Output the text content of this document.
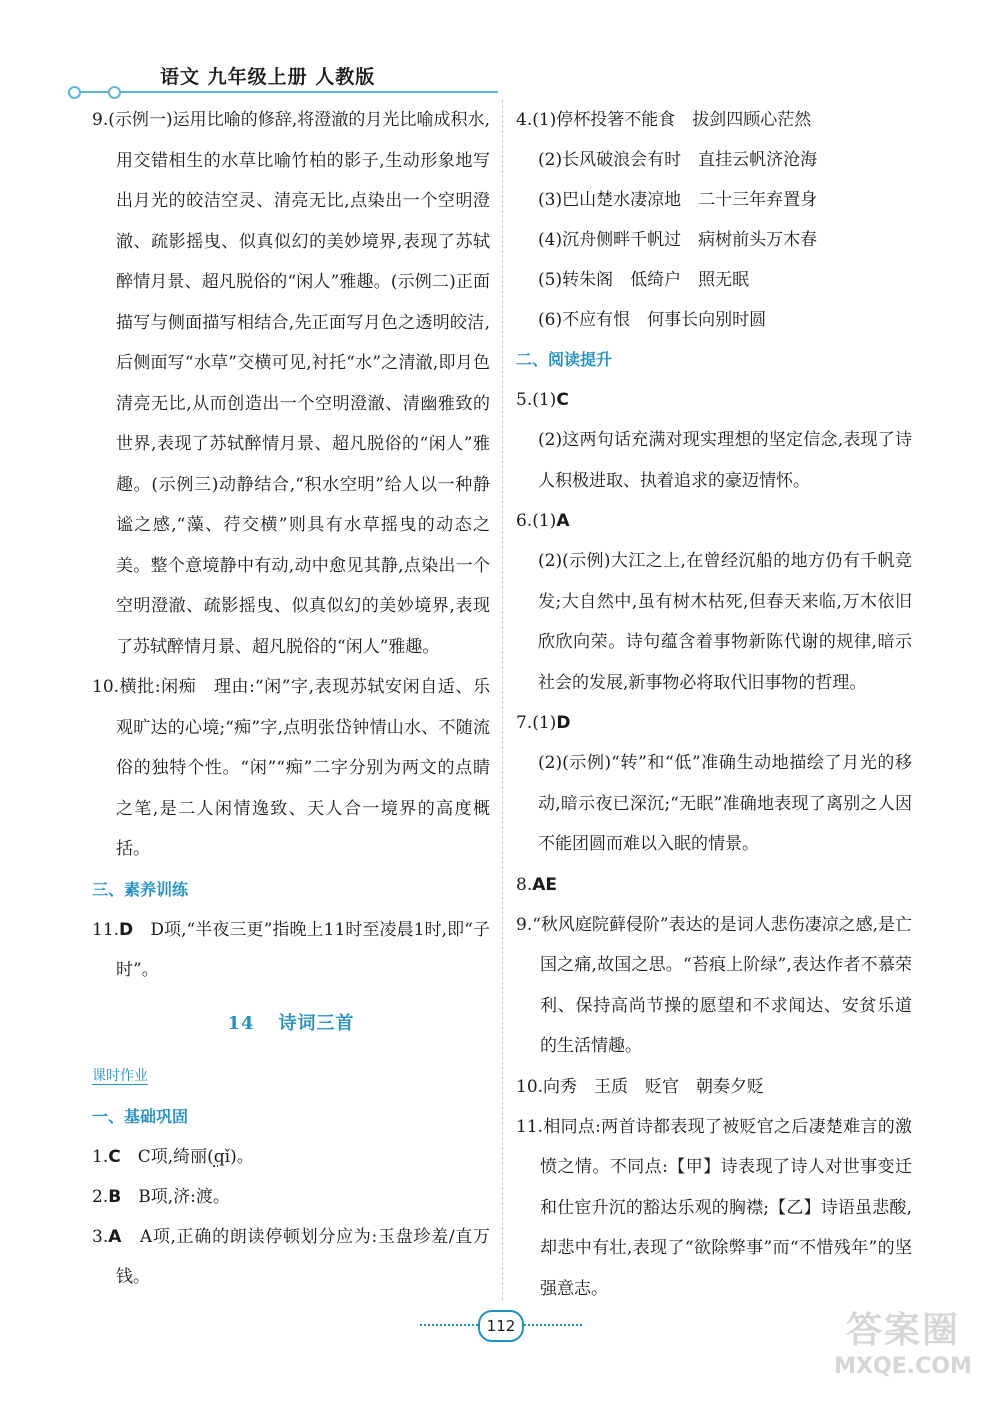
语文 九年级上册 人教版

9.(示例一)运用比喻的修辞,将澄澈的月光比喻成积水,用交错相生的水草比喻竹柏的影子,生动形象地写出月光的皎洁空灵、清亮无比,点染出一个空明澄澈、疏影摇曳、似真似幻的美妙境界,表现了苏轼醉情月景、超凡脱俗的“闲人”雅趣。(示例二)正面描写与侧面描写相结合,先正面写月色之透明皎洁,后侧面写“水草”交横可见,衬托“水”之清澈,即月色清亮无比,从而创造出一个空明澄澈、清幽雅致的世界,表现了苏轼醉情月景、超凡脱俗的“闲人”雅趣。(示例三)动静结合,“积水空明”给人以一种静谧之感,“藻、荇交横”则具有水草摇曳的动态之美。整个意境静中有动,动中愈见其静,点染出一个空明澄澈、疏影摇曳、似真似幻的美妙境界,表现了苏轼醉情月景、超凡脱俗的“闲人”雅趣。

10.横批:闲痴　理由:“闲”字,表现苏轼安闲自适、乐观旷达的心境;“痴”字,点明张岱钟情山水、不随流俗的独特个性。“闲”“痴”二字分别为两文的点睛之笔,是二人闲情逸致、天人合一境界的高度概括。

三、素养训练

11.D　D项,“半夜三更”指晚上11时至凌晨1时,即“子时”。

14 诗词三首

课时作业

一、基础巩固

1.C　C项,绮丽(qǐ)。

2.B　B项,济:渡。

3.A　A项,正确的朗读停顿划分应为:玉盘珍羞/直万钱。

4.(1)停杯投箸不能食　拔剑四顾心茫然

(2)长风破浪会有时　直挂云帆济沧海

(3)巴山楚水凄凉地　二十三年弃置身

(4)沉舟侧畔千帆过　病树前头万木春

(5)转朱阁　低绮户　照无眠

(6)不应有恨　何事长向别时圆

二、阅读提升

5.(1)C

(2)这两句话充满对现实理想的坚定信念,表现了诗人积极进取、执着追求的豪迈情怀。

6.(1)A

(2)(示例)大江之上,在曾经沉船的地方仍有千帆竞发;大自然中,虽有树木枯死,但春天来临,万木依旧欣欣向荣。诗句蕴含着事物新陈代谢的规律,暗示社会的发展,新事物必将取代旧事物的哲理。

7.(1)D

(2)(示例)“转”和“低”准确生动地描绘了月光的移动,暗示夜已深沉;“无眠”准确地表现了离别之人因不能团圆而难以入眠的情景。

8.AE

9.“秋风庭院藓侵阶”表达的是词人悲伤凄凉之感,是亡国之痛,故国之思。“苔痕上阶绿”,表达作者不慕荣利、保持高尚节操的愿望和不求闻达、安贫乐道的生活情趣。

10.向秀　王质　贬官　朝奏夕贬

11.相同点:两首诗都表现了被贬官之后凄楚难言的激愤之情。不同点:【甲】诗表现了诗人对世事变迁和仕宦升沉的豁达乐观的胸襟;【乙】诗语虽悲酸,却悲中有壮,表现了“欲除弊事”而“不惜残年”的坚强意志。

112	答案圈
MXQE.COM
